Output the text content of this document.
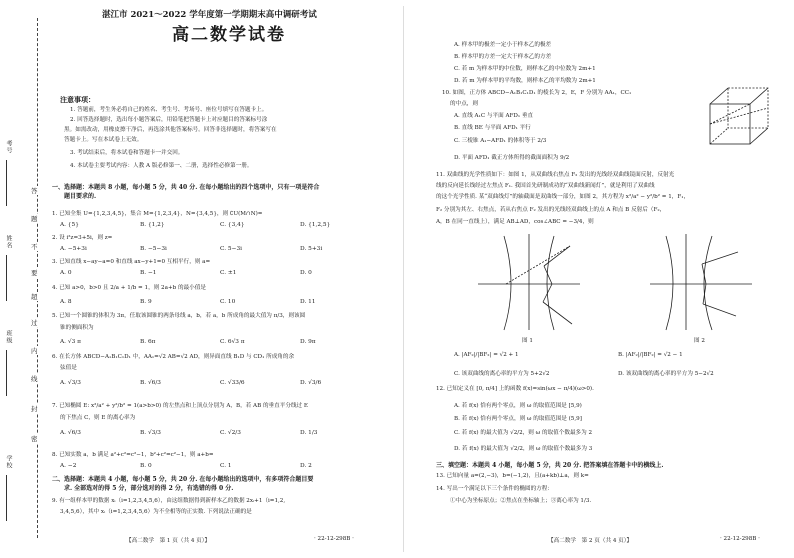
考号
姓名
班级
学校
答
题
不
要
超
过
内
线
封
密
湛江市 2021～2022 学年度第一学期期末高中调研考试
高二数学试卷
注意事项：
1. 答题前，考生务必将自己的姓名、考生号、考场号、座位号填写在答题卡上。
2. 回答选择题时，选出每小题答案后，用铅笔把答题卡上对应题目的答案标号涂
黑。如需改动，用橡皮擦干净后，再选涂其他答案标号。回答非选择题时，将答案写在
答题卡上。写在本试卷上无效。
3. 考试结束后，将本试卷和答题卡一并交回。
4. 本试卷主要考试内容：人教 A 版必修第一、二册，选择性必修第一册。
一、选择题：本题共 8 小题，每小题 5 分，共 40 分. 在每小题给出的四个选项中，只有一项是符合
题目要求的.
1. 已知全集 U={1,2,3,4,5}，集合 M={1,2,3,4}，N={3,4,5}，则 ∁U(M∩N)=
A. {5}	B. {1,2}	C. {3,4}	D. {1,2,5}
2. 设 i²z=3+5i，则 z=
A. −5+3i	B. −5−3i	C. 5−3i	D. 5+3i
3. 已知直线 x−ay−a=0 和直线 ax−y+1=0 互相平行，则 a=
A. 0	B. −1	C. ±1	D. 0
4. 已知 a>0，b>0 且 2/a + 1/b = 1，则 2a+b 的最小值是
A. 8	B. 9	C. 10	D. 11
5. 已知一个圆锥的体积为 3π，任取该圆锥的两条母线 a，b，若 a，b 所成角的最大值为 π/3，则该圆
锥的侧面积为
A. √3 π	B. 6π	C. 6√3 π	D. 9π
6. 在长方体 ABCD−A₁B₁C₁D₁ 中，AA₁=√2 AB=√2 AD，则异面直线 B₁D 与 CD₁ 所成角的余
弦值是
A. √3/3	B. √6/3	C. √33/6	D. √3/6
7. 已知椭圆 E: x²/a² + y²/b² = 1(a>b>0) 的左焦点和上顶点分别为 A，B，若 AB 的垂直平分线过 E
的下焦点 C，则 E 的离心率为
A. √6/3	B. √3/3	C. √2/3	D. 1/3
8. 已知实数 a，b 满足 a²+c²=c²−1，b²+c²=c²−1，则 a+b=
A. −2	B. 0	C. 1	D. 2
二、选择题：本题共 4 小题，每小题 5 分，共 20 分. 在每小题给出的选项中，有多项符合题目要
求. 全部选对的得 5 分，部分选对的得 2 分，有选错的得 0 分.
9. 有一组样本甲的数据 xᵢ（i=1,2,3,4,5,6），由这组数据得到新样本乙的数据 2xᵢ+1（i=1,2,
3,4,5,6），其中 xᵢ（i=1,2,3,4,5,6）为不全相等的正实数. 下列说法正确的是
【高二数学　第 1 页（共 4 页）】	· 22-12-298B ·
A. 样本甲的极差一定小于样本乙的极差
B. 样本甲的方差一定大于样本乙的方差
C. 若 m 为样本甲的中位数，则样本乙的中位数为 2m+1
D. 若 m 为样本甲的平均数，则样本乙的平均数为 2m+1
10. 如图，正方体 ABCD−A₁B₁C₁D₁ 的棱长为 2，E，F 分别为 AA₁，CC₁
的中点，则
A. 直线 A₁C 与平面 AFD₁ 垂直
B. 直线 BE 与平面 AFD₁ 平行
C. 三棱锥 A₁−AFD₁ 的体积等于 2/3
D. 平面 AFD₁ 截正方体所得的截面面积为 9/2
11. 双曲线的光学性质如下：如图 1，从双曲线右焦点 F₂ 发出的光线经双曲线镜面反射，反射光
线的反向延长线经过左焦点 F₁. 我国首先研制成功的“双曲线新闻灯”，就是利用了双曲线
的这个光学性质. 某“双曲线灯”的轴截面是双曲线一部分，如图 2，其方程为 x²/a² − y²/b² = 1，F₁，
F₂ 分别为其左、右焦点，若从右焦点 F₂ 发出的光线经双曲线上的点 A 和点 B 反射后（F₂，
A，B 在同一直线上），满足 AB⊥AD，cos∠ABC = −3/4，则
图 1	图 2
A. |AF₂|/|BF₂| = √2 + 1	B. |AF₂|/|BF₂| = √2 − 1
C. 该双曲线的离心率的平方为 5+2√2	D. 该双曲线的离心率的平方为 5−2√2
12. 已知定义在 [0, π/4] 上的函数 f(x)=sin(ωx − π/4)(ω>0).
A. 若 f(x) 恰有两个零点，则 ω 的取值范围是 [5,9)
B. 若 f(x) 恰有两个零点，则 ω 的取值范围是 (5,9]
C. 若 f(x) 的最大值为 √2/2，则 ω 的取值个数最多为 2
D. 若 f(x) 的最大值为 √2/2，则 ω 的取值个数最多为 3
三、填空题：本题共 4 小题，每小题 5 分，共 20 分. 把答案填在答题卡中的横线上.
13. 已知向量 a=(2,−3)，b=(−1,2)，且(a+kb)⊥a，则 k=
14. 写出一个满足以下三个条件的椭圆的方程：
①中心为坐标原点；②焦点在坐标轴上；③离心率为 1/3.
【高二数学　第 2 页（共 4 页）】	· 22-12-298B ·
